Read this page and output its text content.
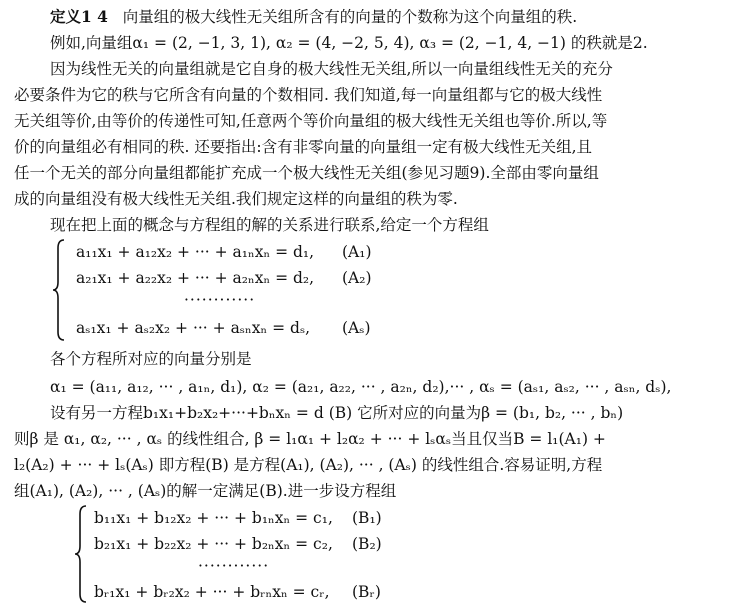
定义1 4 向量组的极大线性无关组所含有的向量的个数称为这个向量组的秩.
例如,向量组α₁ = (2, −1, 3, 1), α₂ = (4, −2, 5, 4), α₃ = (2, −1, 4, −1) 的秩就是2.
因为线性无关的向量组就是它自身的极大线性无关组,所以一向量组线性无关的充分
必要条件为它的秩与它所含有向量的个数相同. 我们知道,每一向量组都与它的极大线性
无关组等价,由等价的传递性可知,任意两个等价向量组的极大线性无关组也等价.所以,等
价的向量组必有相同的秩. 还要指出:含有非零向量的向量组一定有极大线性无关组,且
任一个无关的部分向量组都能扩充成一个极大线性无关组(参见习题9).全部由零向量组
成的向量组没有极大线性无关组.我们规定这样的向量组的秩为零.
现在把上面的概念与方程组的解的关系进行联系,给定一个方程组
a₁₁x₁ + a₁₂x₂ + ··· + a₁ₙxₙ = d₁, (A₁)
a₂₁x₁ + a₂₂x₂ + ··· + a₂ₙxₙ = d₂, (A₂)
············
aₛ₁x₁ + aₛ₂x₂ + ··· + aₛₙxₙ = dₛ, (Aₛ)
各个方程所对应的向量分别是
α₁ = (a₁₁, a₁₂, ··· , a₁ₙ, d₁), α₂ = (a₂₁, a₂₂, ··· , a₂ₙ, d₂),··· , αₛ = (aₛ₁, aₛ₂, ··· , aₛₙ, dₛ),
设有另一方程b₁x₁+b₂x₂+···+bₙxₙ = d (B) 它所对应的向量为β = (b₁, b₂, ··· , bₙ)
则β 是 α₁, α₂, ··· , αₛ 的线性组合, β = l₁α₁ + l₂α₂ + ··· + lₛαₛ当且仅当B = l₁(A₁) +
l₂(A₂) + ··· + lₛ(Aₛ) 即方程(B) 是方程(A₁), (A₂), ··· , (Aₛ) 的线性组合.容易证明,方程
组(A₁), (A₂), ··· , (Aₛ)的解一定满足(B).进一步设方程组
b₁₁x₁ + b₁₂x₂ + ··· + b₁ₙxₙ = c₁, (B₁)
b₂₁x₁ + b₂₂x₂ + ··· + b₂ₙxₙ = c₂, (B₂)
············
bᵣ₁x₁ + bᵣ₂x₂ + ··· + bᵣₙxₙ = cᵣ, (Bᵣ)
